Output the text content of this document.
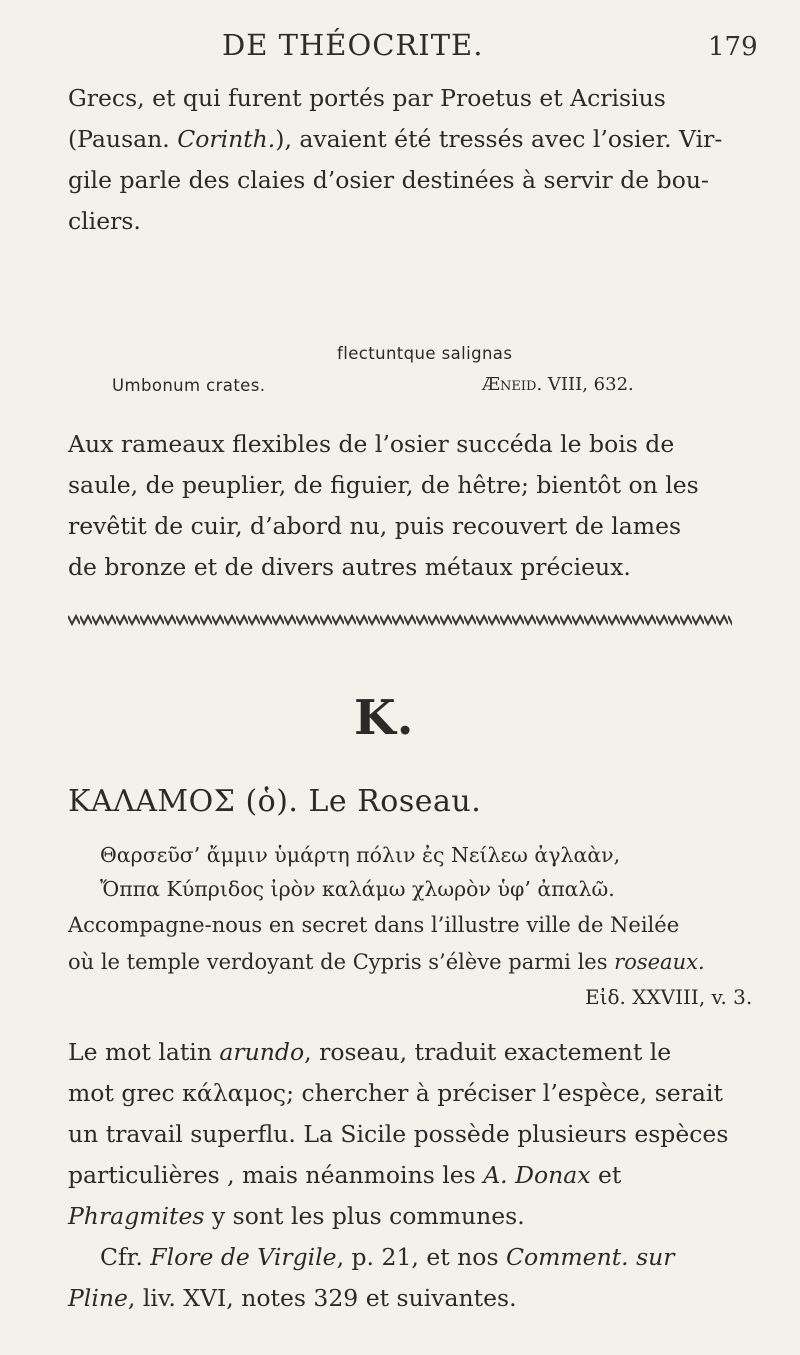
DE THÉOCRITE.	179

Grecs, et qui furent portés par Proetus et Acrisius
(Pausan. Corinth.), avaient été tressés avec l’osier. Vir-
gile parle des claies d’osier destinées à servir de bou-
cliers.

flectuntque salignas
Umbonum crates.	Æneid. VIII, 632.

Aux rameaux flexibles de l’osier succéda le bois de
saule, de peuplier, de figuier, de hêtre; bientôt on les
revêtit de cuir, d’abord nu, puis recouvert de lames
de bronze et de divers autres métaux précieux.

K.
ΚΑΛΑΜΟΣ (ὁ). Le Roseau.
Θαρσεῦσ’ ἄμμιν ὑμάρτη πόλιν ἐς Νείλεω ἀγλαὰν,
Ὄππα Κύπριδος ἰρὸν καλάμω χλωρὸν ὑφ’ ἀπαλῶ.
Accompagne-nous en secret dans l’illustre ville de Neilée
où le temple verdoyant de Cypris s’élève parmi les roseaux.
Εἰδ. XXVIII, v. 3.

Le mot latin arundo, roseau, traduit exactement le
mot grec κάλαμος; chercher à préciser l’espèce, serait
un travail superflu. La Sicile possède plusieurs espèces
particulières , mais néanmoins les A. Donax et
Phragmites y sont les plus communes.
Cfr. Flore de Virgile, p. 21, et nos Comment. sur
Pline, liv. XVI, notes 329 et suivantes.
